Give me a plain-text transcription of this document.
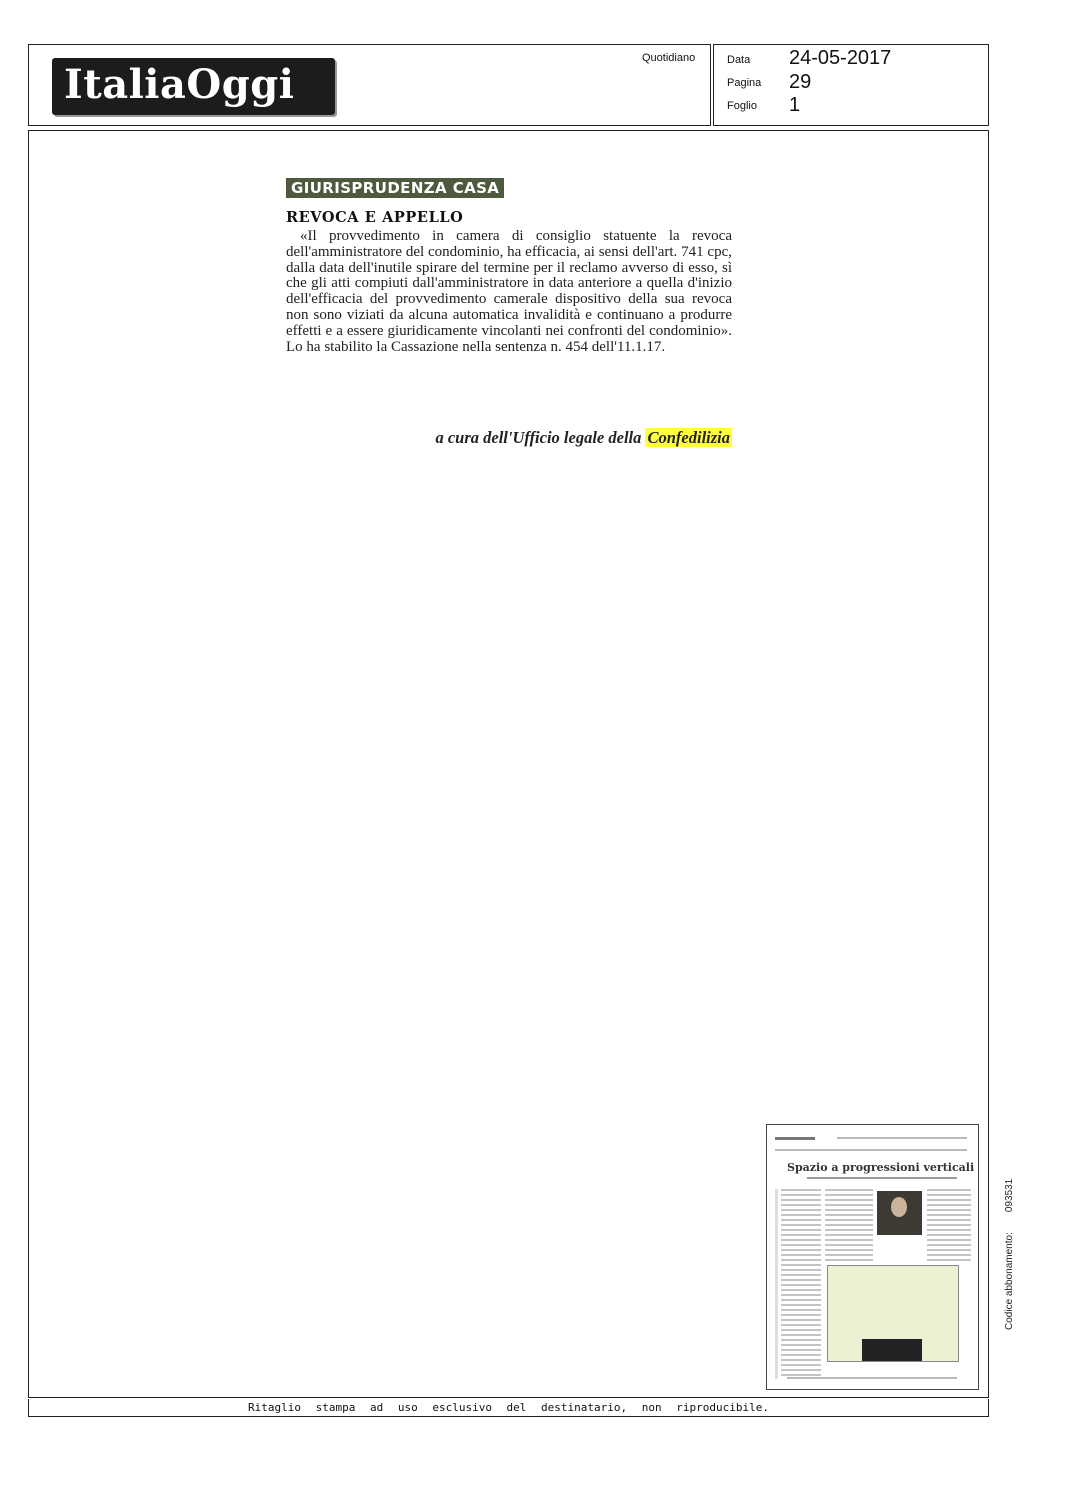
ItaliaOggi
Quotidiano	Data 24-05-2017
Pagina 29
Foglio 1
GIURISPRUDENZA CASA
REVOCA E APPELLO
«Il provvedimento in camera di consiglio statuente la revoca dell'amministratore del condominio, ha efficacia, ai sensi dell'art. 741 cpc, dalla data dell'inutile spirare del termine per il reclamo avverso di esso, sì che gli atti compiuti dall'amministratore in data anteriore a quella d'inizio dell'efficacia del provvedimento camerale dispositivo della sua revoca non sono viziati da alcuna automatica invalidità e continuano a produrre effetti e a essere giuridicamente vincolanti nei confronti del condominio». Lo ha stabilito la Cassazione nella sentenza n. 454 dell'11.1.17.
a cura dell'Ufficio legale della Confedilizia
Spazio a progressioni verticali
Codice abbonamento:093531
Ritaglio stampa ad uso esclusivo del destinatario, non riproducibile.
